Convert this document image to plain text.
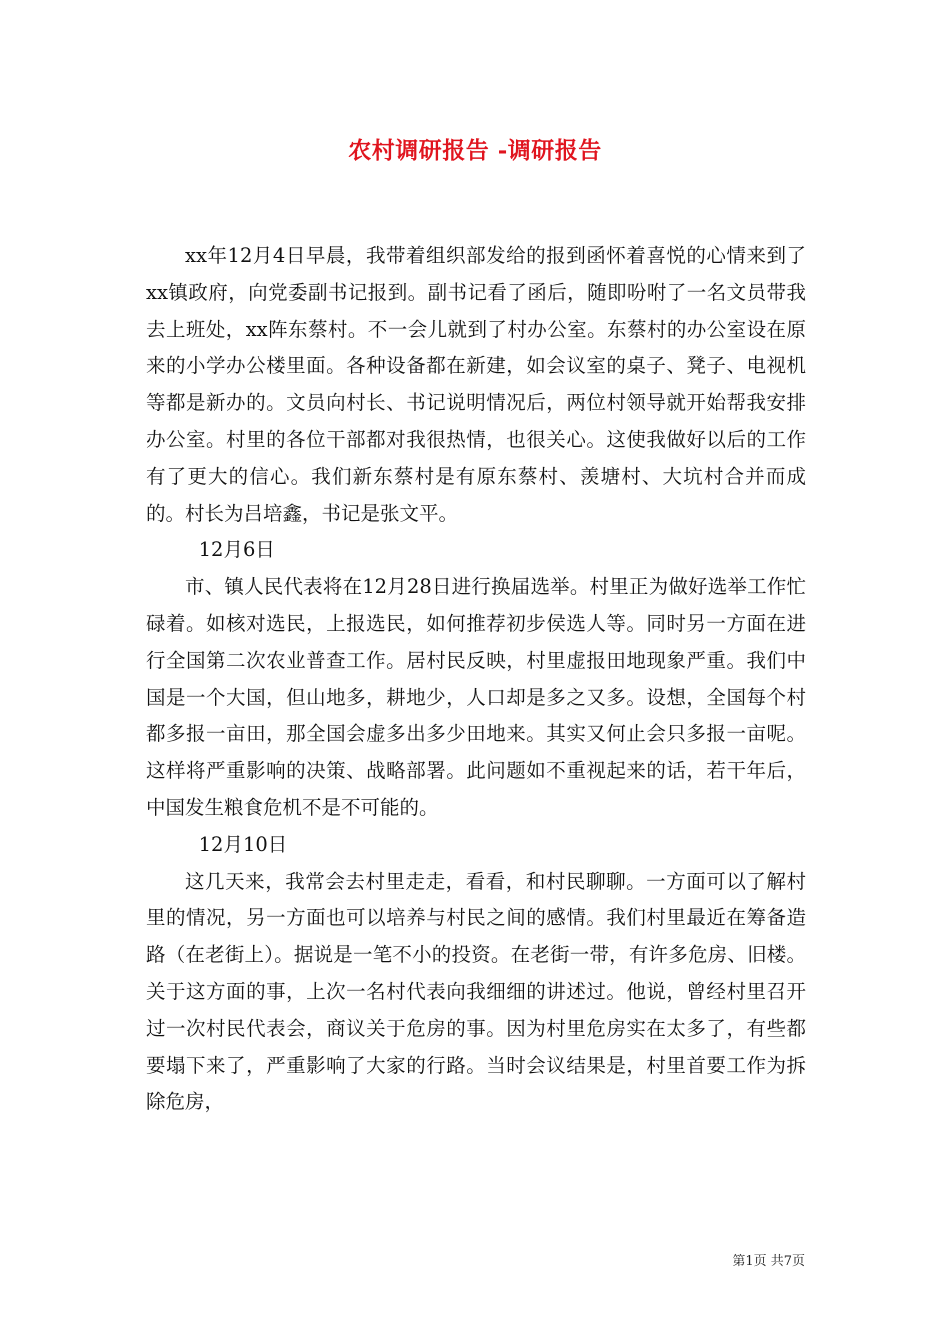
农村调研报告 -调研报告

xx年12月4日早晨，我带着组织部发给的报到函怀着喜悦的心情来到了xx镇政府，向党委副书记报到。副书记看了函后，随即吩咐了一名文员带我去上班处，xx阵东蔡村。不一会儿就到了村办公室。东蔡村的办公室设在原来的小学办公楼里面。各种设备都在新建，如会议室的桌子、凳子、电视机等都是新办的。文员向村长、书记说明情况后，两位村领导就开始帮我安排办公室。村里的各位干部都对我很热情，也很关心。这使我做好以后的工作有了更大的信心。我们新东蔡村是有原东蔡村、羡塘村、大坑村合并而成的。村长为吕培鑫，书记是张文平。

12月6日

市、镇人民代表将在12月28日进行换届选举。村里正为做好选举工作忙碌着。如核对选民，上报选民，如何推荐初步侯选人等。同时另一方面在进行全国第二次农业普查工作。居村民反映，村里虚报田地现象严重。我们中国是一个大国，但山地多，耕地少，人口却是多之又多。设想，全国每个村都多报一亩田，那全国会虚多出多少田地来。其实又何止会只多报一亩呢。这样将严重影响的决策、战略部署。此问题如不重视起来的话，若干年后，中国发生粮食危机不是不可能的。

12月10日

这几天来，我常会去村里走走，看看，和村民聊聊。一方面可以了解村里的情况，另一方面也可以培养与村民之间的感情。我们村里最近在筹备造路（在老街上）。据说是一笔不小的投资。在老街一带，有许多危房、旧楼。关于这方面的事，上次一名村代表向我细细的讲述过。他说，曾经村里召开过一次村民代表会，商议关于危房的事。因为村里危房实在太多了，有些都要塌下来了，严重影响了大家的行路。当时会议结果是，村里首要工作为拆除危房，

第1页 共7页
